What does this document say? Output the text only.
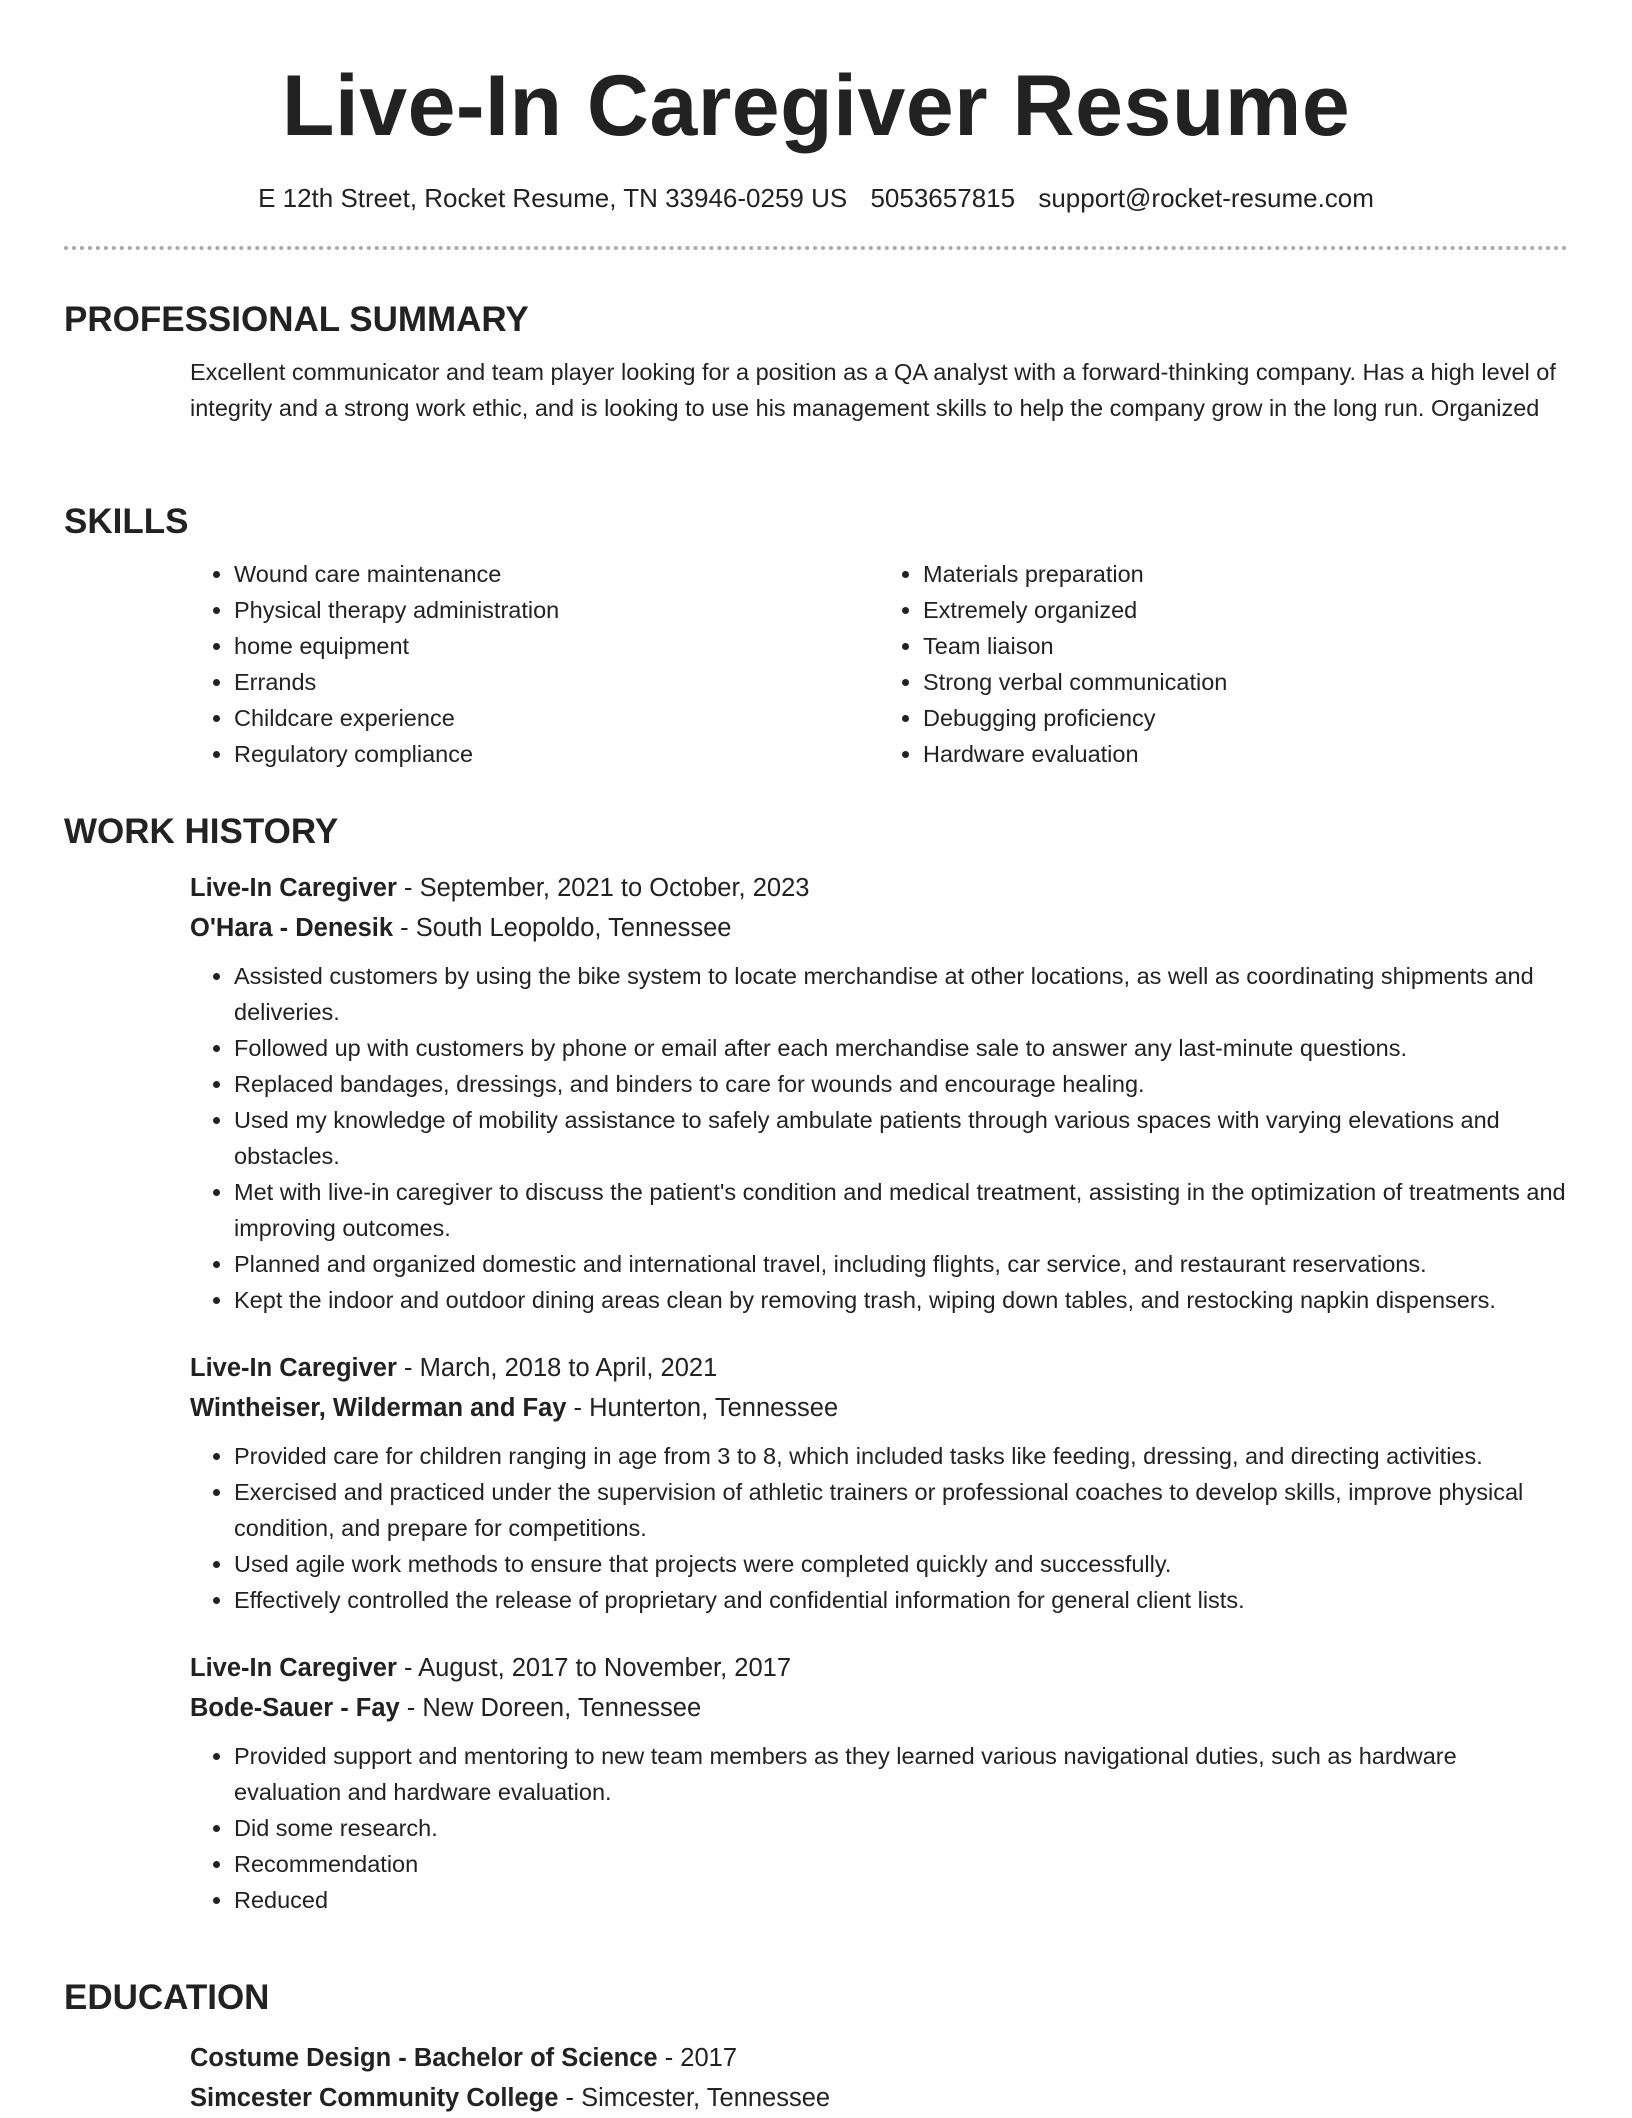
Live-In Caregiver Resume
E 12th Street, Rocket Resume, TN 33946-0259 US 5053657815 support@rocket-resume.com
PROFESSIONAL SUMMARY

Excellent communicator and team player looking for a position as a QA analyst with a forward-thinking company. Has a high level of integrity and a strong work ethic, and is looking to use his management skills to help the company grow in the long run. Organized

SKILLS
• Wound care maintenance
• Physical therapy administration
• home equipment
• Errands
• Childcare experience
• Regulatory compliance
• Materials preparation
• Extremely organized
• Team liaison
• Strong verbal communication
• Debugging proficiency
• Hardware evaluation
WORK HISTORY
Live-In Caregiver - September, 2021 to October, 2023
O'Hara - Denesik - South Leopoldo, Tennessee
• Assisted customers by using the bike system to locate merchandise at other locations, as well as coordinating shipments and deliveries.
• Followed up with customers by phone or email after each merchandise sale to answer any last-minute questions.
• Replaced bandages, dressings, and binders to care for wounds and encourage healing.
• Used my knowledge of mobility assistance to safely ambulate patients through various spaces with varying elevations and obstacles.
• Met with live-in caregiver to discuss the patient's condition and medical treatment, assisting in the optimization of treatments and improving outcomes.
• Planned and organized domestic and international travel, including flights, car service, and restaurant reservations.
• Kept the indoor and outdoor dining areas clean by removing trash, wiping down tables, and restocking napkin dispensers.
Live-In Caregiver - March, 2018 to April, 2021
Wintheiser, Wilderman and Fay - Hunterton, Tennessee
• Provided care for children ranging in age from 3 to 8, which included tasks like feeding, dressing, and directing activities.
• Exercised and practiced under the supervision of athletic trainers or professional coaches to develop skills, improve physical condition, and prepare for competitions.
• Used agile work methods to ensure that projects were completed quickly and successfully.
• Effectively controlled the release of proprietary and confidential information for general client lists.
Live-In Caregiver - August, 2017 to November, 2017
Bode-Sauer - Fay - New Doreen, Tennessee
• Provided support and mentoring to new team members as they learned various navigational duties, such as hardware evaluation and hardware evaluation.
• Did some research.
• Recommendation
• Reduced
EDUCATION
Costume Design - Bachelor of Science - 2017
Simcester Community College - Simcester, Tennessee
